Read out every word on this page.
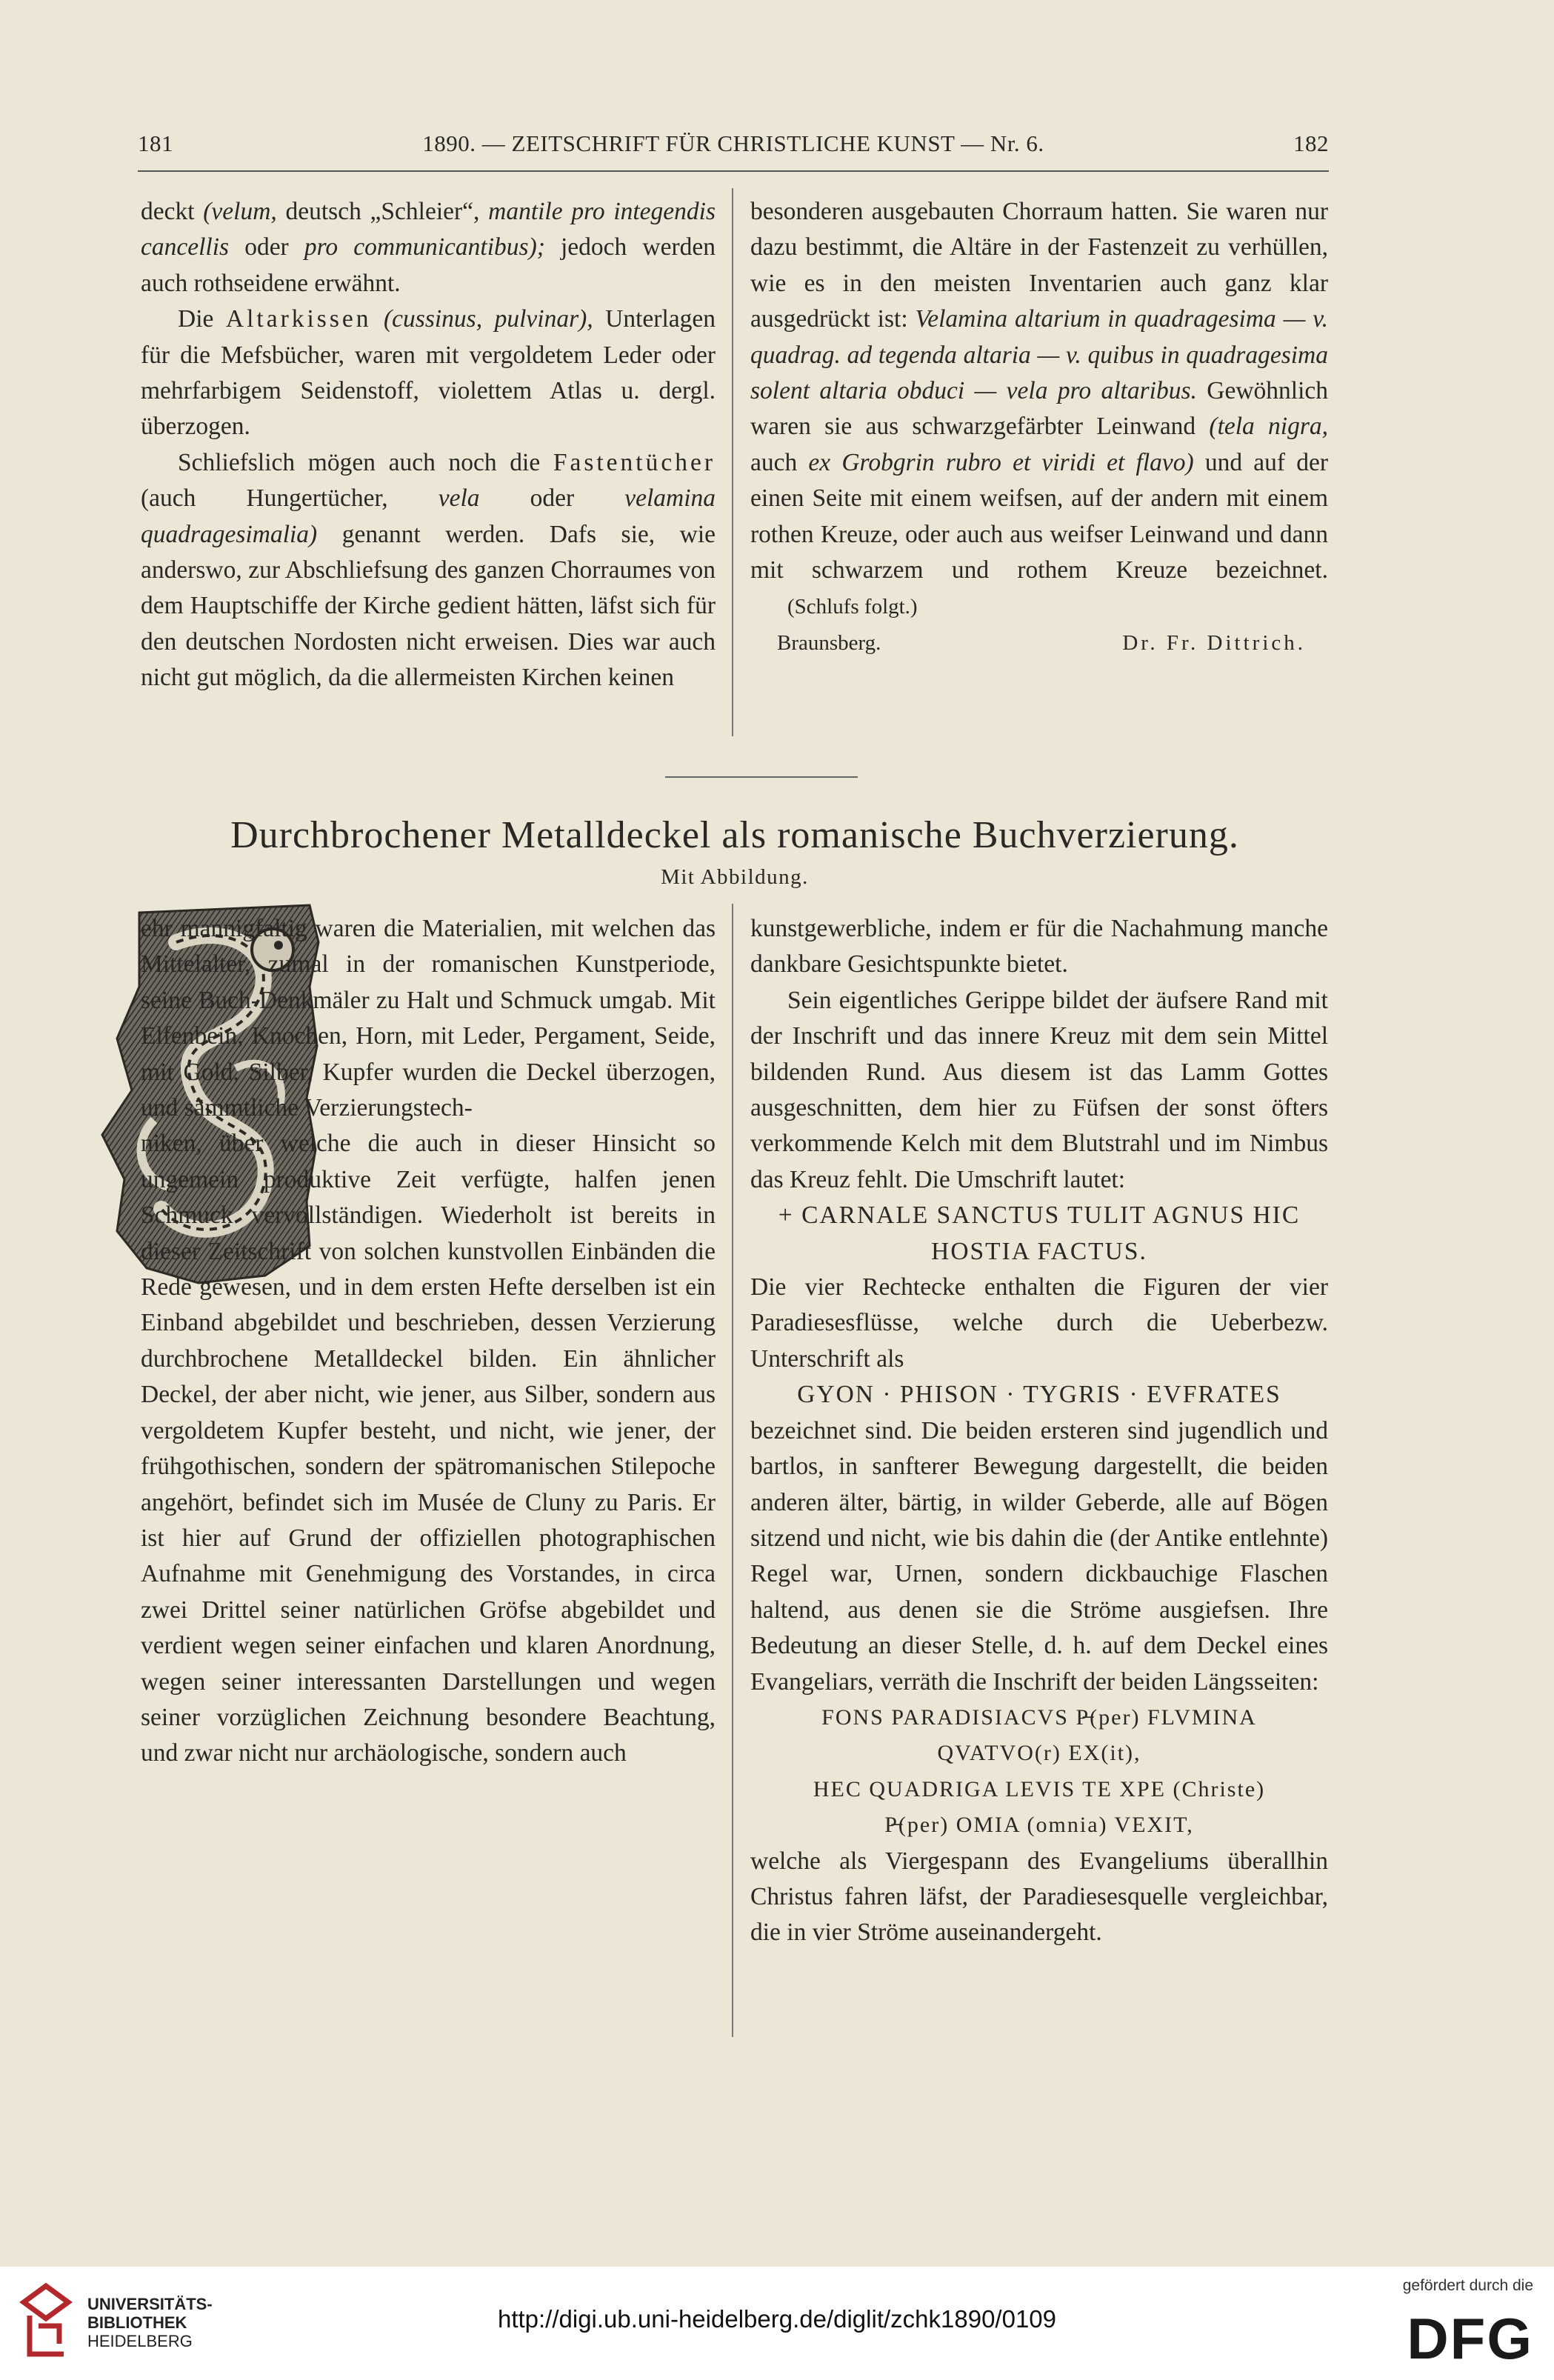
181	1890. — ZEITSCHRIFT FÜR CHRISTLICHE KUNST — Nr. 6.	182

deckt (velum, deutsch „Schleier“, mantile pro integendis cancellis oder pro communicantibus); jedoch werden auch rothseidene erwähnt.

Die Altarkissen (cussinus, pulvinar), Unterlagen für die Mefsbücher, waren mit vergoldetem Leder oder mehrfarbigem Seidenstoff, violettem Atlas u. dergl. überzogen.

Schliefslich mögen auch noch die Fastentücher (auch Hungertücher, vela oder velamina quadragesimalia) genannt werden. Dafs sie, wie anderswo, zur Abschliefsung des ganzen Chorraumes von dem Hauptschiffe der Kirche gedient hätten, läfst sich für den deutschen Nordosten nicht erweisen. Dies war auch nicht gut möglich, da die allermeisten Kirchen keinen

besonderen ausgebauten Chorraum hatten. Sie waren nur dazu bestimmt, die Altäre in der Fastenzeit zu verhüllen, wie es in den meisten Inventarien auch ganz klar ausgedrückt ist: Velamina altarium in quadragesima — v. quadrag. ad tegenda altaria — v. quibus in quadragesima solent altaria obduci — vela pro altaribus. Gewöhnlich waren sie aus schwarzgefärbter Leinwand (tela nigra, auch ex Grobgrin rubro et viridi et flavo) und auf der einen Seite mit einem weifsen, auf der andern mit einem rothen Kreuze, oder auch aus weifser Leinwand und dann mit schwarzem und rothem Kreuze bezeichnet. (Schlufs folgt.)

Braunsberg.	Dr. Fr. Dittrich.
Durchbrochener Metalldeckel als romanische Buchverzierung.
Mit Abbildung.

ehr mannigfaltig waren die Materialien, mit welchen das Mittelalter, zumal in der romanischen Kunstperiode, seine Buch-Denkmäler zu Halt und Schmuck umgab. Mit Elfenbein, Knochen, Horn, mit Leder, Pergament, Seide, mit Gold, Silber, Kupfer wurden die Deckel überzogen, und sämmtliche Verzierungstech-

niken, über welche die auch in dieser Hinsicht so ungemein produktive Zeit verfügte, halfen jenen Schmuck vervollständigen. Wiederholt ist bereits in dieser Zeitschrift von solchen kunstvollen Einbänden die Rede gewesen, und in dem ersten Hefte derselben ist ein Einband abgebildet und beschrieben, dessen Verzierung durchbrochene Metalldeckel bilden. Ein ähnlicher Deckel, der aber nicht, wie jener, aus Silber, sondern aus vergoldetem Kupfer besteht, und nicht, wie jener, der frühgothischen, sondern der spätromanischen Stilepoche angehört, befindet sich im Musée de Cluny zu Paris. Er ist hier auf Grund der offiziellen photographischen Aufnahme mit Genehmigung des Vorstandes, in circa zwei Drittel seiner natürlichen Gröfse abgebildet und verdient wegen seiner einfachen und klaren Anordnung, wegen seiner interessanten Darstellungen und wegen seiner vorzüglichen Zeichnung besondere Beachtung, und zwar nicht nur archäologische, sondern auch

kunstgewerbliche, indem er für die Nachahmung manche dankbare Gesichtspunkte bietet.

Sein eigentliches Gerippe bildet der äufsere Rand mit der Inschrift und das innere Kreuz mit dem sein Mittel bildenden Rund. Aus diesem ist das Lamm Gottes ausgeschnitten, dem hier zu Füfsen der sonst öfters verkommende Kelch mit dem Blutstrahl und im Nimbus das Kreuz fehlt. Die Umschrift lautet:

+ CARNALE SANCTUS TULIT AGNUS HIC

HOSTIA FACTUS.

Die vier Rechtecke enthalten die Figuren der vier Paradiesesflüsse, welche durch die Ueberbezw. Unterschrift als

GYON · PHISON · TYGRIS · EVFRATES

bezeichnet sind. Die beiden ersteren sind jugendlich und bartlos, in sanfterer Bewegung dargestellt, die beiden anderen älter, bärtig, in wilder Geberde, alle auf Bögen sitzend und nicht, wie bis dahin die (der Antike entlehnte) Regel war, Urnen, sondern dickbauchige Flaschen haltend, aus denen sie die Ströme ausgiefsen. Ihre Bedeutung an dieser Stelle, d. h. auf dem Deckel eines Evangeliars, verräth die Inschrift der beiden Längsseiten:

FONS PARADISIACVS P̶(per) FLVMINA

QVATVO(r) EX(it),

HEC QUADRIGA LEVIS TE XPE (Christe)

P̶(per) OMIA (omnia) VEXIT,

welche als Viergespann des Evangeliums überallhin Christus fahren läfst, der Paradiesesquelle vergleichbar, die in vier Ströme auseinandergeht.

UNIVERSITÄTS-
BIBLIOTHEK
HEIDELBERG
http://digi.ub.uni-heidelberg.de/diglit/zchk1890/0109
gefördert durch die
DFG
